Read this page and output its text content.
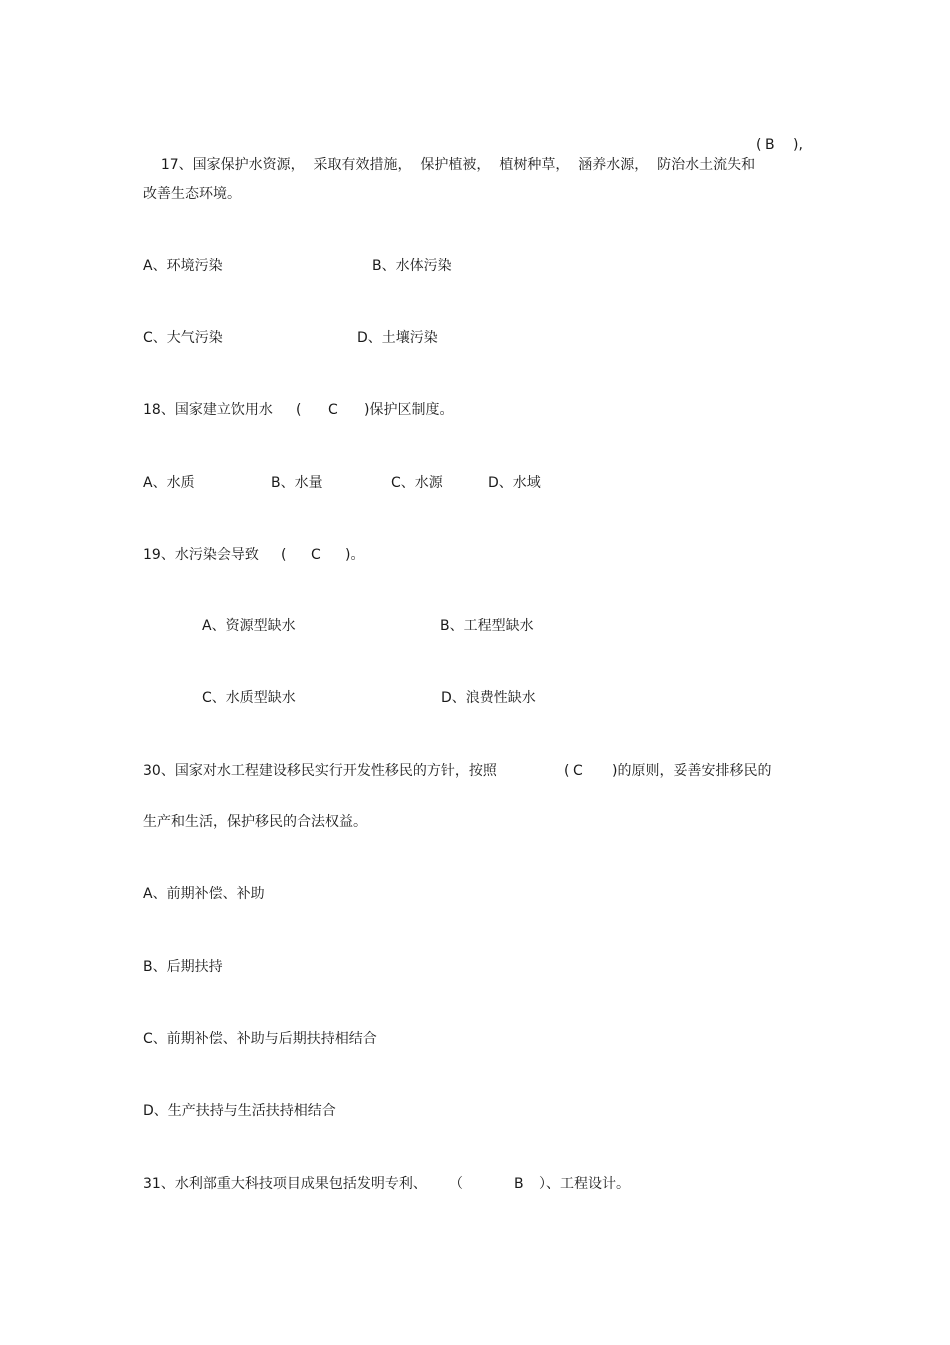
17、国家保护水资源，  采取有效措施，  保护植被，  植树种草，  涵养水源，  防治水土流失和

( B ),
改善生态环境。
A、环境污染	B、水体污染
C、大气污染	D、土壤污染
18、国家建立饮用水 ( C )保护区制度。
A、水质	B、水量	C、水源	D、水域
19、水污染会导致 ( C )。
A、资源型缺水	B、工程型缺水
C、水质型缺水	D、浪费性缺水
30、国家对水工程建设移民实行开发性移民的方针，按照	( C )的原则，妥善安排移民的
生产和生活，保护移民的合法权益。
A、前期补偿、补助
B、后期扶持
C、前期补偿、补助与后期扶持相结合
D、生产扶持与生活扶持相结合
31、水利部重大科技项目成果包括发明专利、 （	B ）、工程设计。
